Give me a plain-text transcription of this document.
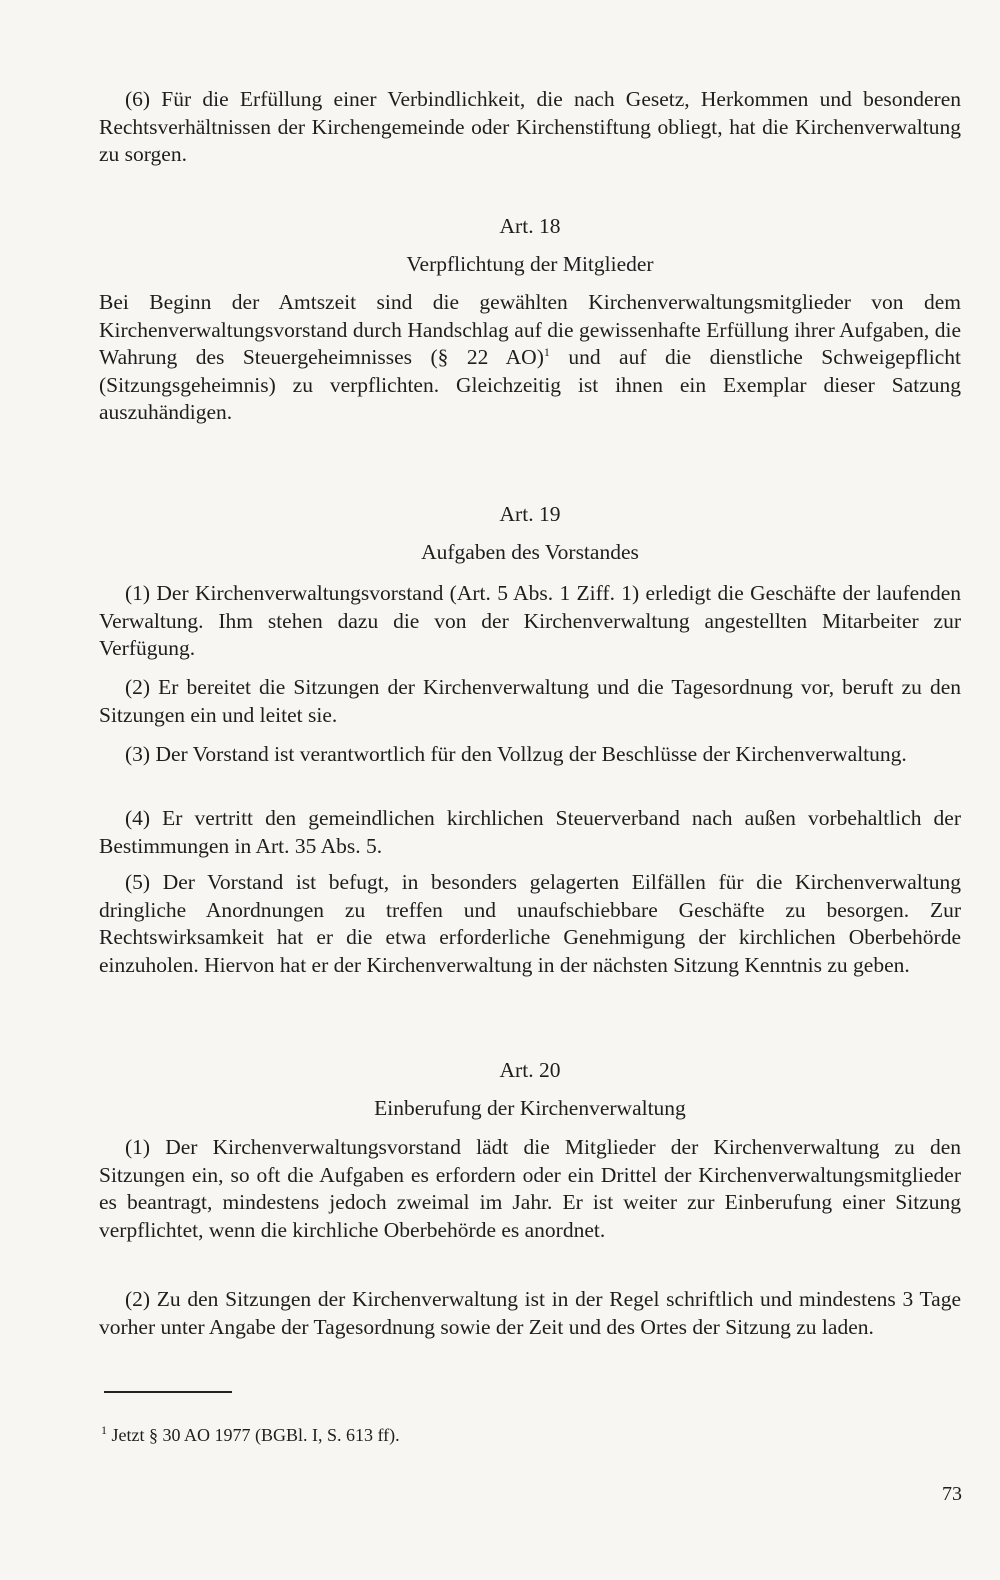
(6) Für die Erfüllung einer Verbindlichkeit, die nach Gesetz, Herkommen und besonderen Rechtsverhältnissen der Kirchengemeinde oder Kirchenstiftung obliegt, hat die Kirchenverwaltung zu sorgen.

Art. 18

Verpflichtung der Mitglieder

Bei Beginn der Amtszeit sind die gewählten Kirchenverwaltungsmitglieder von dem Kirchenverwaltungsvorstand durch Handschlag auf die gewissenhafte Erfüllung ihrer Aufgaben, die Wahrung des Steuergeheimnisses (§ 22 AO)$^1$ und auf die dienstliche Schweigepflicht (Sitzungsgeheimnis) zu verpflichten. Gleichzeitig ist ihnen ein Exemplar dieser Satzung auszuhändigen.

Art. 19

Aufgaben des Vorstandes

(1) Der Kirchenverwaltungsvorstand (Art. 5 Abs. 1 Ziff. 1) erledigt die Geschäfte der laufenden Verwaltung. Ihm stehen dazu die von der Kirchenverwaltung angestellten Mitarbeiter zur Verfügung.

(2) Er bereitet die Sitzungen der Kirchenverwaltung und die Tagesordnung vor, beruft zu den Sitzungen ein und leitet sie.

(3) Der Vorstand ist verantwortlich für den Vollzug der Beschlüsse der Kirchenverwaltung.

(4) Er vertritt den gemeindlichen kirchlichen Steuerverband nach außen vorbehaltlich der Bestimmungen in Art. 35 Abs. 5.

(5) Der Vorstand ist befugt, in besonders gelagerten Eilfällen für die Kirchenverwaltung dringliche Anordnungen zu treffen und unaufschiebbare Geschäfte zu besorgen. Zur Rechtswirksamkeit hat er die etwa erforderliche Genehmigung der kirchlichen Oberbehörde einzuholen. Hiervon hat er der Kirchenverwaltung in der nächsten Sitzung Kenntnis zu geben.

Art. 20

Einberufung der Kirchenverwaltung

(1) Der Kirchenverwaltungsvorstand lädt die Mitglieder der Kirchenverwaltung zu den Sitzungen ein, so oft die Aufgaben es erfordern oder ein Drittel der Kirchenverwaltungsmitglieder es beantragt, mindestens jedoch zweimal im Jahr. Er ist weiter zur Einberufung einer Sitzung verpflichtet, wenn die kirchliche Oberbehörde es anordnet.

(2) Zu den Sitzungen der Kirchenverwaltung ist in der Regel schriftlich und mindestens 3 Tage vorher unter Angabe der Tagesordnung sowie der Zeit und des Ortes der Sitzung zu laden.

$^1$ Jetzt § 30 AO 1977 (BGBl. I, S. 613 ff).

73
